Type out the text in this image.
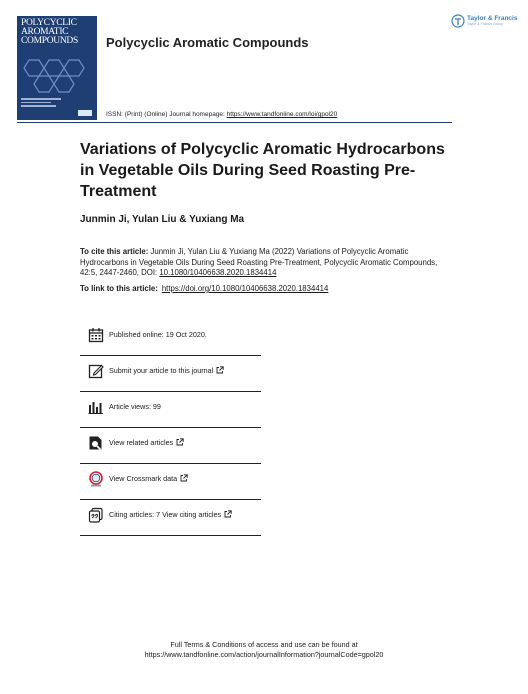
POLYCYCLIC
AROMATIC
COMPOUNDS	Polycyclic Aromatic Compounds
Taylor & Francis
Taylor & Francis Group
ISSN: (Print) (Online) Journal homepage: https://www.tandfonline.com/loi/gpol20
Variations of Polycyclic Aromatic Hydrocarbons in Vegetable Oils During Seed Roasting Pre-Treatment
Junmin Ji, Yulan Liu & Yuxiang Ma
To cite this article: Junmin Ji, Yulan Liu & Yuxiang Ma (2022) Variations of Polycyclic Aromatic Hydrocarbons in Vegetable Oils During Seed Roasting Pre-Treatment, Polycyclic Aromatic Compounds, 42:5, 2447-2460, DOI: 10.1080/10406638.2020.1834414
To link to this article: https://doi.org/10.1080/10406638.2020.1834414
Published online: 19 Oct 2020.
Submit your article to this journal
Article views: 99
View related articles
View Crossmark data
Citing articles: 7 View citing articles
Full Terms & Conditions of access and use can be found at
https://www.tandfonline.com/action/journalInformation?journalCode=gpol20
